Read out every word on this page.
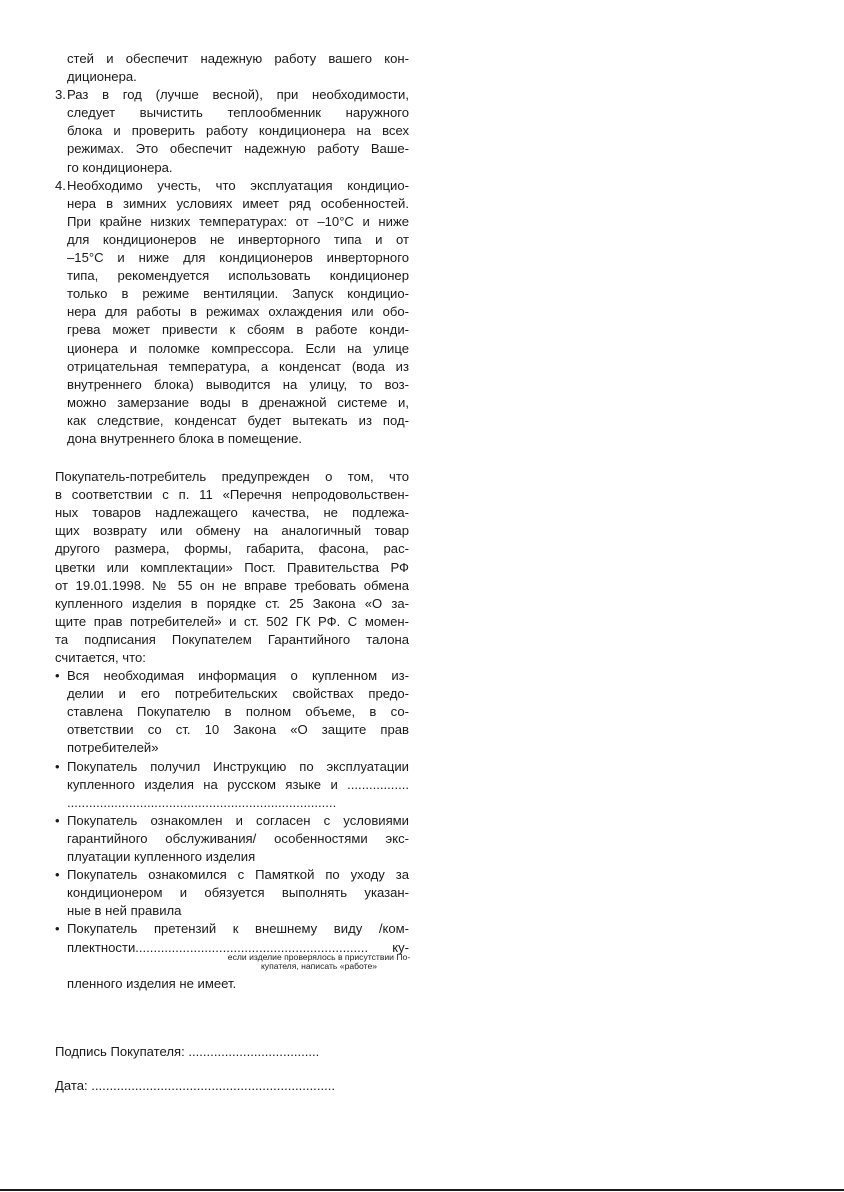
стей и обеспечит надежную работу вашего кон-
диционера.
3.Раз в год (лучше весной), при необходимости,
следует вычистить теплообменник наружного
блока и проверить работу кондиционера на всех
режимах. Это обеспечит надежную работу Ваше-
го кондиционера.
4.Необходимо учесть, что эксплуатация кондицио-
нера в зимних условиях имеет ряд особенностей.
При крайне низких температурах: от –10°С и ниже
для кондиционеров не инверторного типа и от
–15°С и ниже для кондиционеров инверторного
типа, рекомендуется использовать кондиционер
только в режиме вентиляции. Запуск кондицио-
нера для работы в режимах охлаждения или обо-
грева может привести к сбоям в работе конди-
ционера и поломке компрессора. Если на улице
отрицательная температура, а конденсат (вода из
внутреннего блока) выводится на улицу, то воз-
можно замерзание воды в дренажной системе и,
как следствие, конденсат будет вытекать из под-
дона внутреннего блока в помещение.
Покупатель-потребитель предупрежден о том, что
в соответствии с п. 11 «Перечня непродовольствен-
ных товаров надлежащего качества, не подлежа-
щих возврату или обмену на аналогичный товар
другого размера, формы, габарита, фасона, рас-
цветки или комплектации» Пост. Правительства РФ
от 19.01.1998. № 55 он не вправе требовать обмена
купленного изделия в порядке ст. 25 Закона «О за-
щите прав потребителей» и ст. 502 ГК РФ. С момен-
та подписания Покупателем Гарантийного талона
считается, что:
• Вся необходимая информация о купленном из-
делии и его потребительских свойствах предо-
ставлена Покупателю в полном объеме, в со-
ответствии со ст. 10 Закона «О защите прав
потребителей»
• Покупатель получил Инструкцию по эксплуатации
купленного изделия на русском языке и .................
..........................................................................
• Покупатель ознакомлен и согласен с условиями
гарантийного обслуживания/ особенностями экс-
плуатации купленного изделия
• Покупатель ознакомился с Памяткой по уходу за
кондиционером и обязуется выполнять указан-
ные в ней правила
• Покупатель претензий к внешнему виду /ком-
плектности................................................................ ку-
если изделие проверялось в присутствии По-
купателя, написать «работе»
пленного изделия не имеет.
Подпись Покупателя: ....................................
Дата: ...................................................................
